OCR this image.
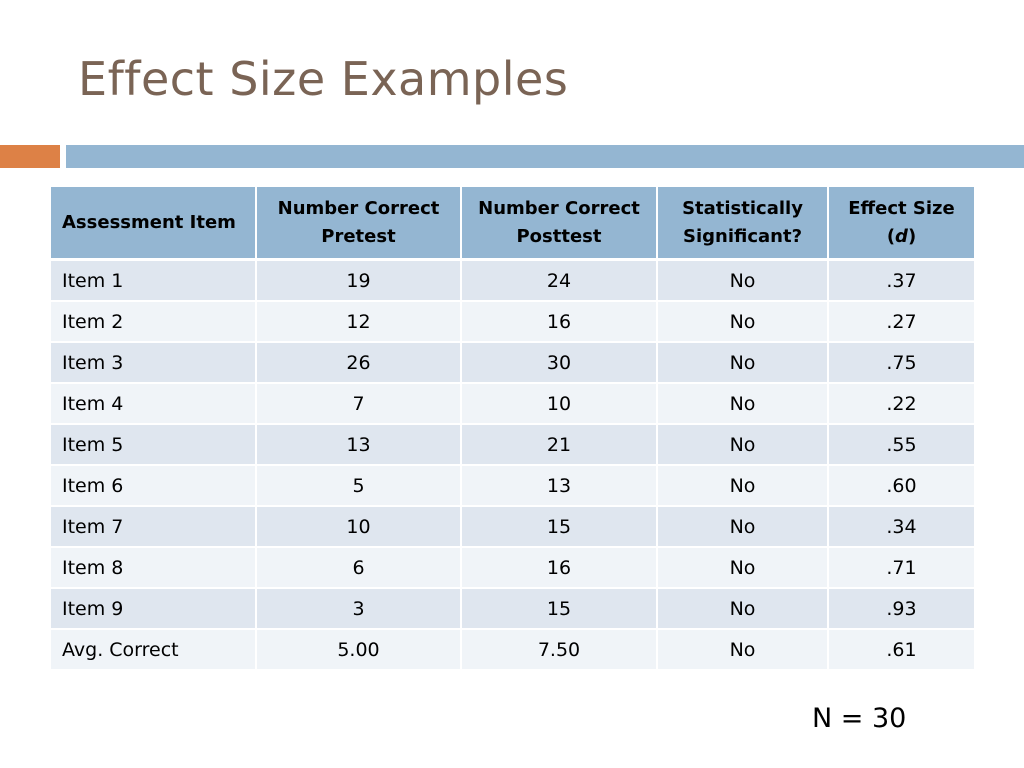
Effect Size Examples
Assessment Item	Number Correct Pretest	Number Correct Posttest	Statistically Significant?	Effect Size (d)
Item 1	19	24	No	.37
Item 2	12	16	No	.27
Item 3	26	30	No	.75
Item 4	7	10	No	.22
Item 5	13	21	No	.55
Item 6	5	13	No	.60
Item 7	10	15	No	.34
Item 8	6	16	No	.71
Item 9	3	15	No	.93
Avg. Correct	5.00	7.50	No	.61
N = 30
